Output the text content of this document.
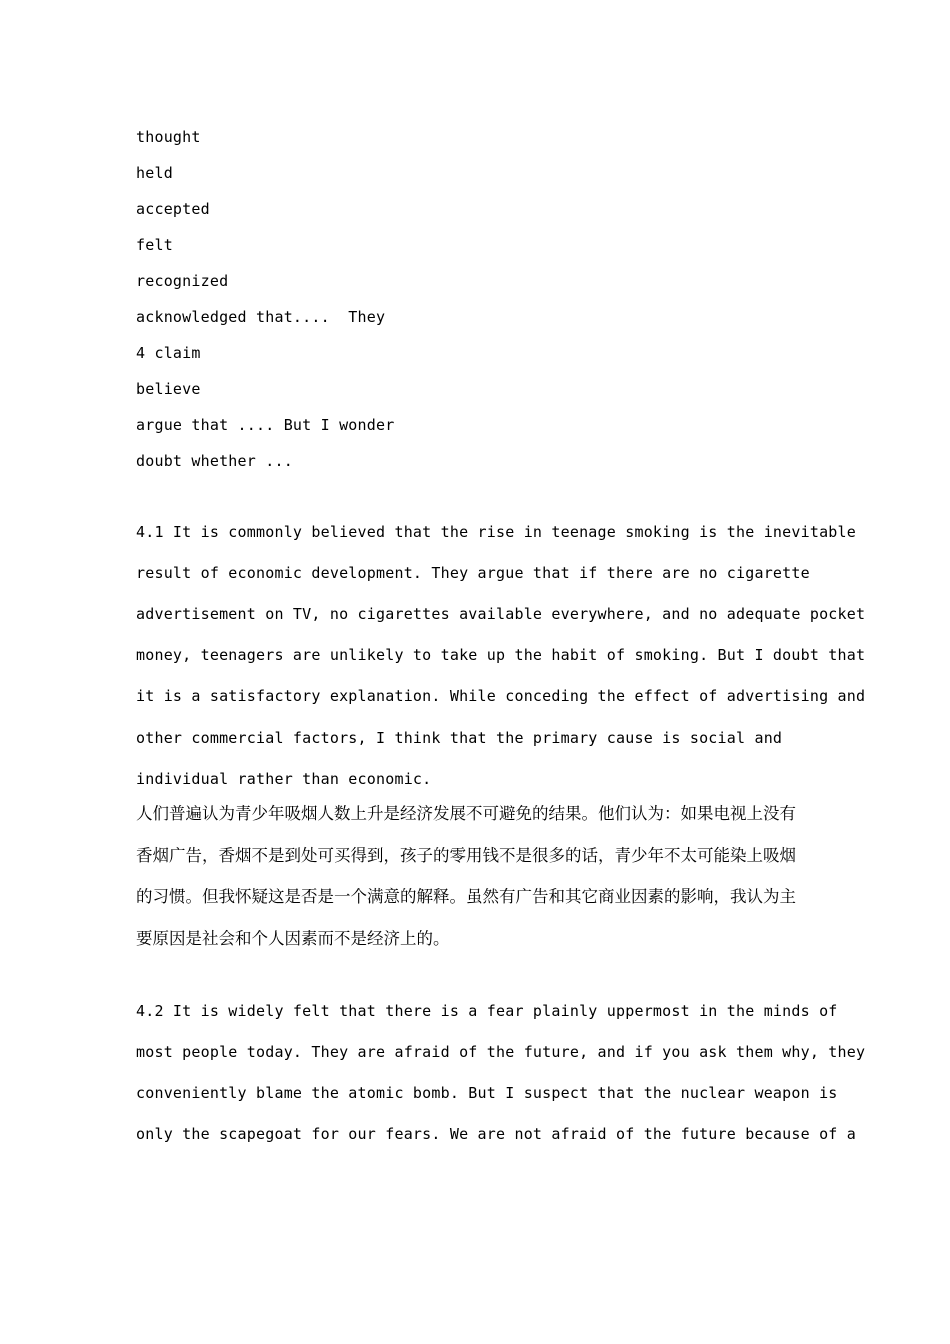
thought
held
accepted
felt
recognized
acknowledged that....  They
4 claim
believe
argue that .... But I wonder
doubt whether ...
4.1 It is commonly believed that the rise in teenage smoking is the inevitable
result of economic development. They argue that if there are no cigarette
advertisement on TV, no cigarettes available everywhere, and no adequate pocket
money, teenagers are unlikely to take up the habit of smoking. But I doubt that
it is a satisfactory explanation. While conceding the effect of advertising and
other commercial factors, I think that the primary cause is social and
individual rather than economic.
人们普遍认为青少年吸烟人数上升是经济发展不可避免的结果。他们认为：如果电视上没有
香烟广告，香烟不是到处可买得到，孩子的零用钱不是很多的话，青少年不太可能染上吸烟
的习惯。但我怀疑这是否是一个满意的解释。虽然有广告和其它商业因素的影响，我认为主
要原因是社会和个人因素而不是经济上的。
4.2 It is widely felt that there is a fear plainly uppermost in the minds of
most people today. They are afraid of the future, and if you ask them why, they
conveniently blame the atomic bomb. But I suspect that the nuclear weapon is
only the scapegoat for our fears. We are not afraid of the future because of a
